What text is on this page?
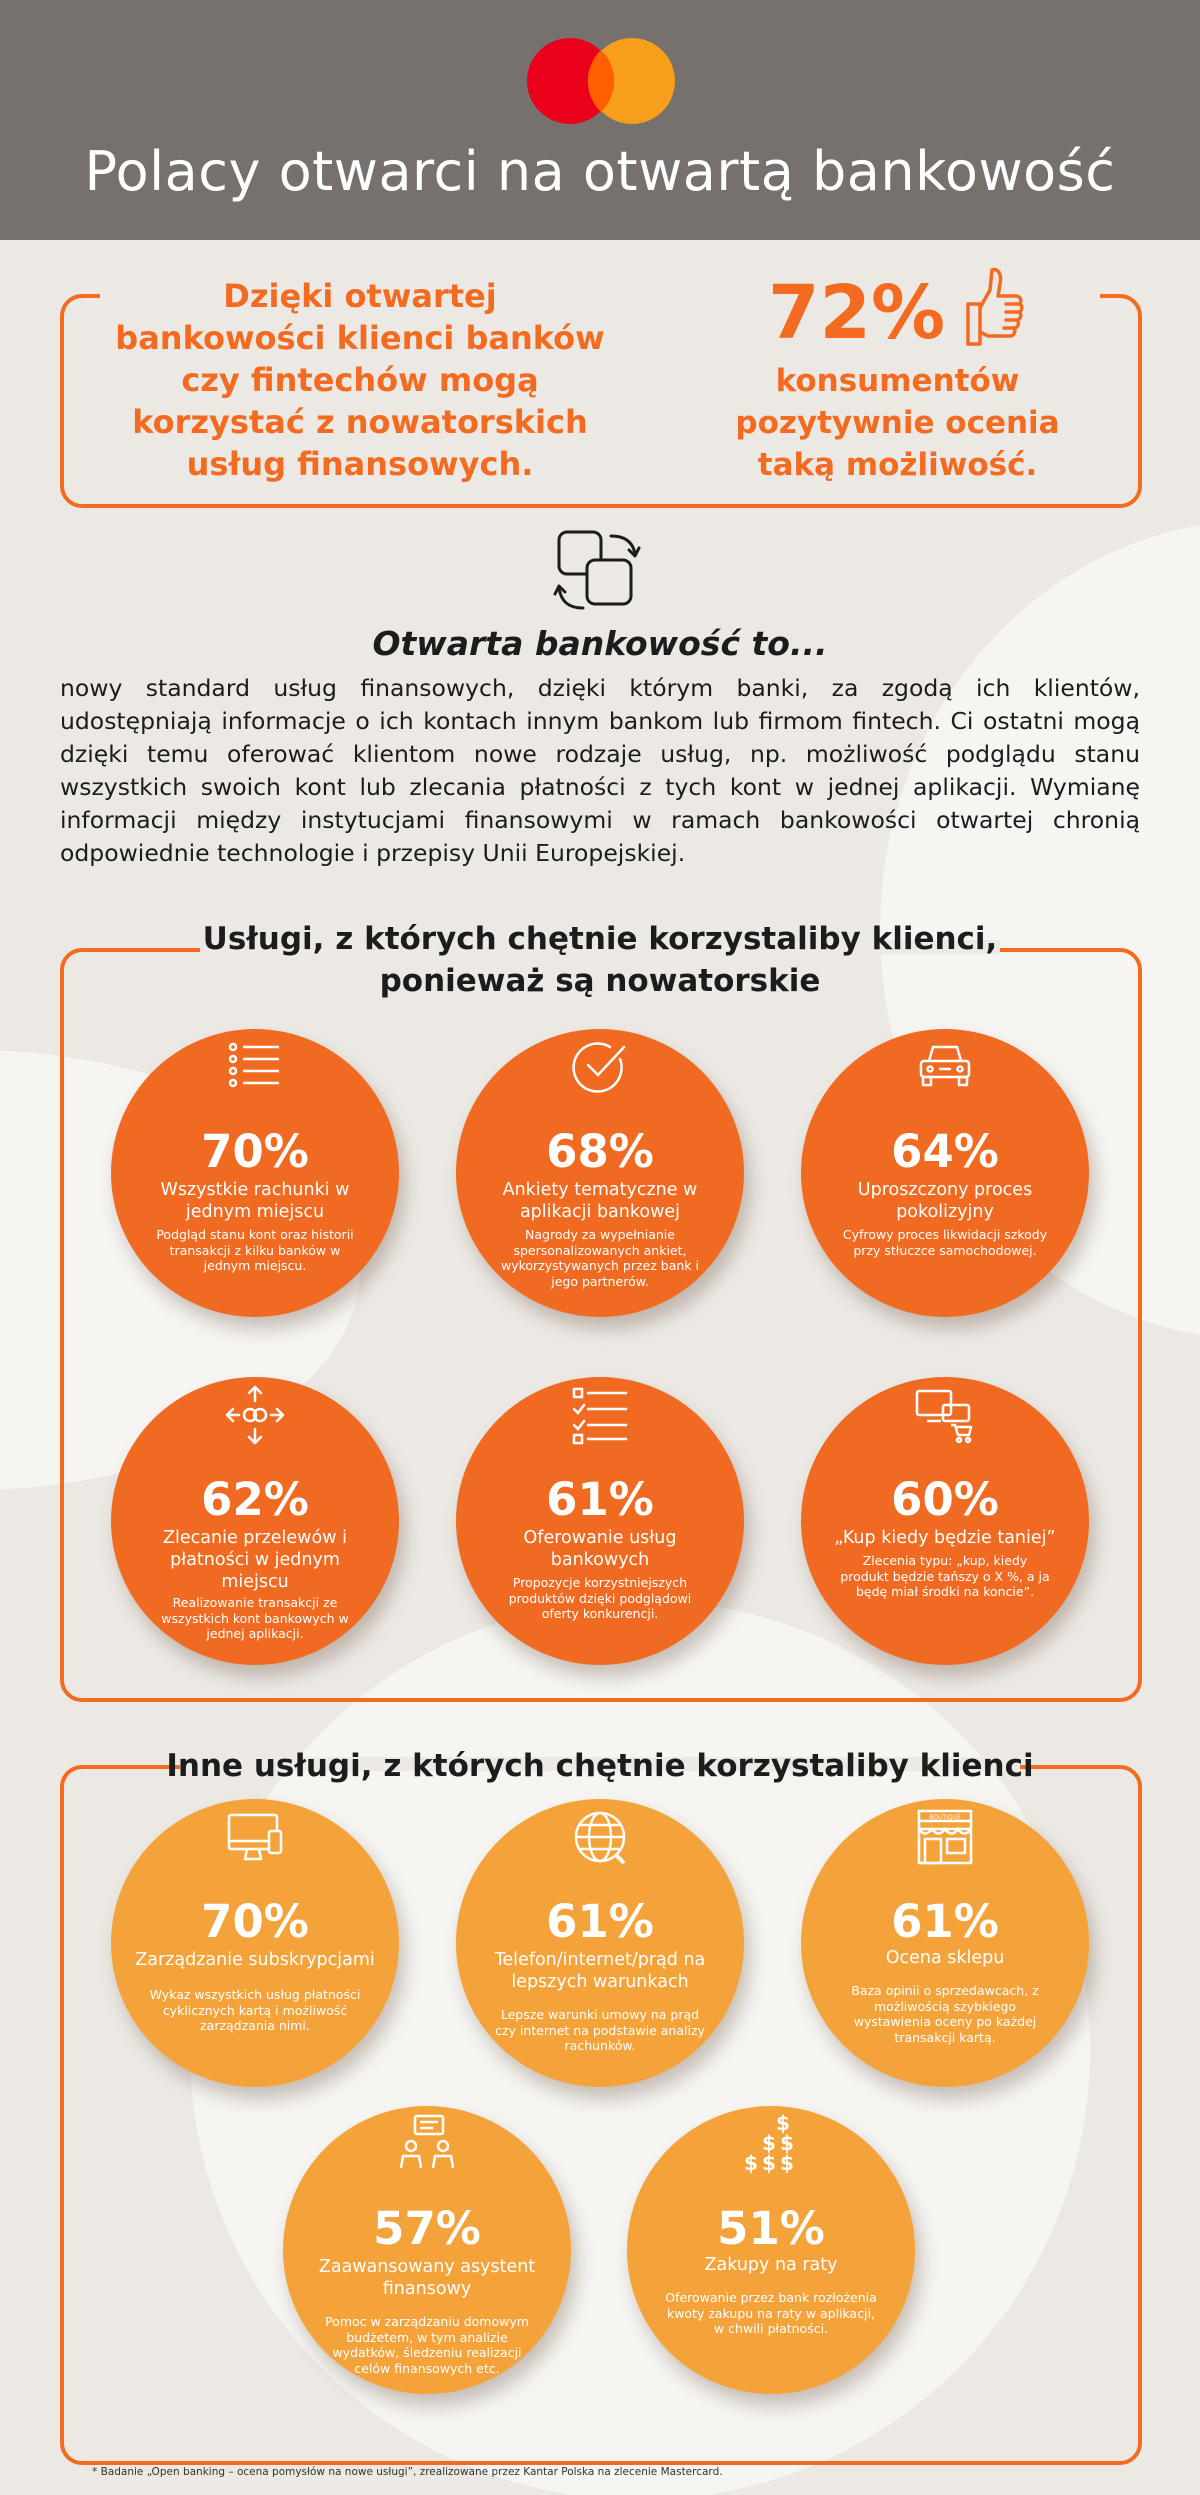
Polacy otwarci na otwartą bankowość
Dzięki otwartej bankowości klienci banków czy fintechów mogą korzystać z nowatorskich usług finansowych.
72%
konsumentów pozytywnie ocenia taką możliwość.
Otwarta bankowość to...
nowy standard usług finansowych, dzięki którym banki, za zgodą ich klientów, udostępniają informacje o ich kontach innym bankom lub firmom fintech. Ci ostatni mogą dzięki temu oferować klientom nowe rodzaje usług, np. możliwość podglądu stanu wszystkich swoich kont lub zlecania płatności z tych kont w jednej aplikacji. Wymianę informacji między instytucjami finansowymi w ramach bankowości otwartej chronią odpowiednie technologie i przepisy Unii Europejskiej.
Usługi, z których chętnie korzystaliby klienci,
ponieważ są nowatorskie
70%
Wszystkie rachunki w jednym miejscu
Podgląd stanu kont oraz historii transakcji z kilku banków w jednym miejscu.
68%
Ankiety tematyczne w aplikacji bankowej
Nagrody za wypełnianie spersonalizowanych ankiet, wykorzystywanych przez bank i jego partnerów.
64%
Uproszczony proces pokolizyjny
Cyfrowy proces likwidacji szkody przy stłuczce samochodowej.
62%
Zlecanie przelewów i płatności w jednym miejscu
Realizowanie transakcji ze wszystkich kont bankowych w jednej aplikacji.
61%
Oferowanie usług bankowych
Propozycje korzystniejszych produktów dzięki podglądowi oferty konkurencji.
60%
„Kup kiedy będzie taniej”
Zlecenia typu: „kup, kiedy produkt będzie tańszy o X %, a ja będę miał środki na koncie”.
Inne usługi, z których chętnie korzystaliby klienci
70%
Zarządzanie subskrypcjami
Wykaz wszystkich usług płatności cyklicznych kartą i możliwość zarządzania nimi.
61%
Telefon/internet/prąd na lepszych warunkach
Lepsze warunki umowy na prąd czy internet na podstawie analizy rachunków.
BOUTIQUE
61%
Ocena sklepu
Baza opinii o sprzedawcach, z możliwością szybkiego wystawienia oceny po każdej transakcji kartą.
57%
Zaawansowany asystent finansowy
Pomoc w zarządzaniu domowym budżetem, w tym analizie wydatków, śledzeniu realizacji celów finansowych etc.
$
$ $
$ $ $
51%
Zakupy na raty
Oferowanie przez bank rozłożenia kwoty zakupu na raty w aplikacji, w chwili płatności.
* Badanie „Open banking – ocena pomysłów na nowe usługi”, zrealizowane przez Kantar Polska na zlecenie Mastercard.
